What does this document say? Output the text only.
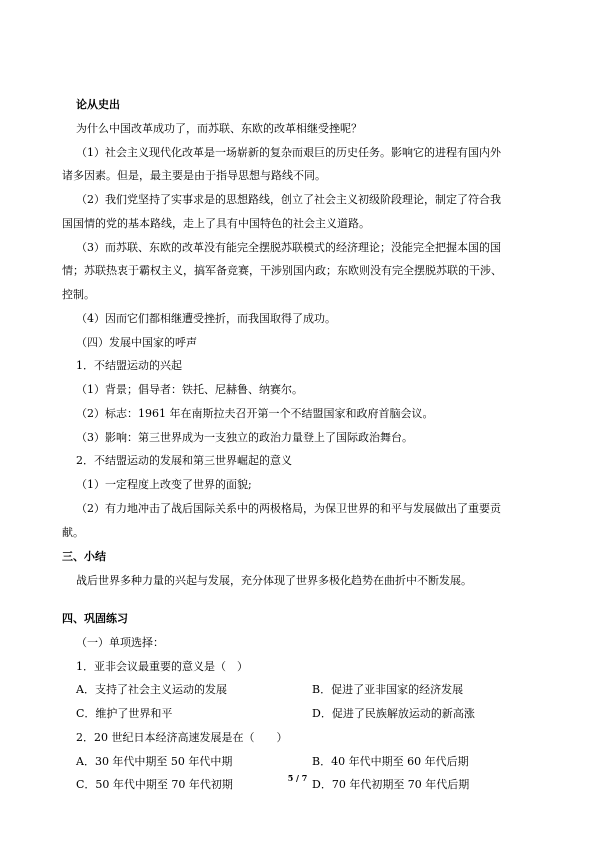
论从史出
为什么中国改革成功了，而苏联、东欧的改革相继受挫呢？
（1）社会主义现代化改革是一场崭新的复杂而艰巨的历史任务。影响它的进程有国内外
诸多因素。但是，最主要是由于指导思想与路线不同。
（2）我们党坚持了实事求是的思想路线，创立了社会主义初级阶段理论，制定了符合我
国国情的党的基本路线，走上了具有中国特色的社会主义道路。
（3）而苏联、东欧的改革没有能完全摆脱苏联模式的经济理论；没能完全把握本国的国
情；苏联热衷于霸权主义，搞军备竞赛，干涉别国内政；东欧则没有完全摆脱苏联的干涉、
控制。
（4）因而它们都相继遭受挫折，而我国取得了成功。
（四）发展中国家的呼声
1．不结盟运动的兴起
（1）背景；倡导者：铁托、尼赫鲁、纳赛尔。
（2）标志：1961 年在南斯拉夫召开第一个不结盟国家和政府首脑会议。
（3）影响：第三世界成为一支独立的政治力量登上了国际政治舞台。
2．不结盟运动的发展和第三世界崛起的意义
（1）一定程度上改变了世界的面貌;
（2）有力地冲击了战后国际关系中的两极格局，为保卫世界的和平与发展做出了重要贡
献。
三、小结
战后世界多种力量的兴起与发展，充分体现了世界多极化趋势在曲折中不断发展。
四、巩固练习
（一）单项选择：
1．亚非会议最重要的意义是（　）
A．支持了社会主义运动的发展	B．促进了亚非国家的经济发展
C．维护了世界和平	D．促进了民族解放运动的新高涨
2．20 世纪日本经济高速发展是在（　　）
A．30 年代中期至 50 年代中期	B．40 年代中期至 60 年代后期
C．50 年代中期至 70 年代初期	D．70 年代初期至 70 年代后期
5 / 7
